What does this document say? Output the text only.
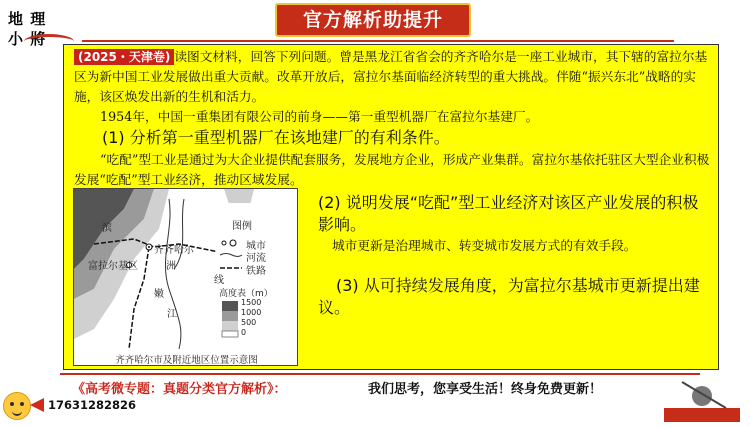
地 理
小 將
官方解析助提升
(2025・天津卷) 读图文材料，回答下列问题。曾是黑龙江省省会的齐齐哈尔是一座工业城市，其下辖的富拉尔基区为新中国工业发展做出重大贡献。改革开放后，富拉尔基面临经济转型的重大挑战。伴随“振兴东北”战略的实施，该区焕发出新的生机和活力。
1954年，中国一重集团有限公司的前身——第一重型机器厂在富拉尔基建厂。
(1) 分析第一重型机器厂在该地建厂的有利条件。
“吃配”型工业是通过为大企业提供配套服务，发展地方企业，形成产业集群。富拉尔基依托驻区大型企业积极发展“吃配”型工业经济，推动区域发展。
(2) 说明发展“吃配”型工业经济对该区产业发展的积极影响。
城市更新是治理城市、转变城市发展方式的有效手段。
(3) 从可持续发展角度，为富拉尔基城市更新提出建议。
滨
齐齐哈尔
洲
富拉尔基区
线
嫩
江
图例
城市
河流
铁路
高度表（m）
1500
1000
500
0
齐齐哈尔市及附近地区位置示意图
《高考微专题：真题分类官方解析》：	我们思考，您享受生活！终身免费更新！
17631282826
